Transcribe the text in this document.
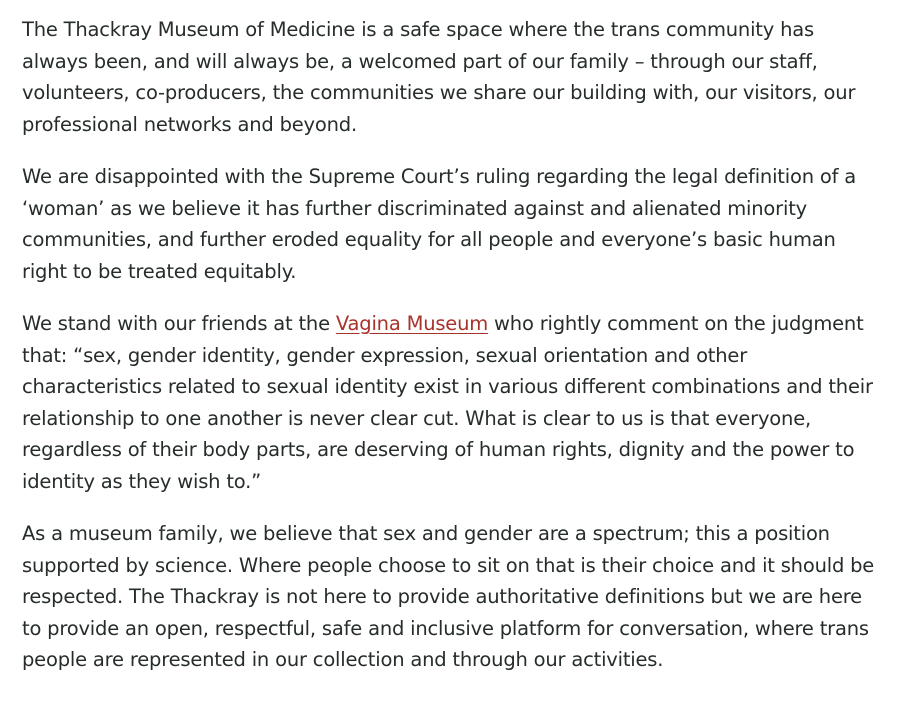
The Thackray Museum of Medicine is a safe space where the trans community has always been, and will always be, a welcomed part of our family – through our staff, volunteers, co-producers, the communities we share our building with, our visitors, our professional networks and beyond.

We are disappointed with the Supreme Court’s ruling regarding the legal definition of a ‘woman’ as we believe it has further discriminated against and alienated minority communities, and further eroded equality for all people and everyone’s basic human right to be treated equitably.

We stand with our friends at the Vagina Museum who rightly comment on the judgment that: “sex, gender identity, gender expression, sexual orientation and other characteristics related to sexual identity exist in various different combinations and their relationship to one another is never clear cut. What is clear to us is that everyone, regardless of their body parts, are deserving of human rights, dignity and the power to identity as they wish to.”

As a museum family, we believe that sex and gender are a spectrum; this a position supported by science. Where people choose to sit on that is their choice and it should be respected. The Thackray is not here to provide authoritative definitions but we are here to provide an open, respectful, safe and inclusive platform for conversation, where trans people are represented in our collection and through our activities.
